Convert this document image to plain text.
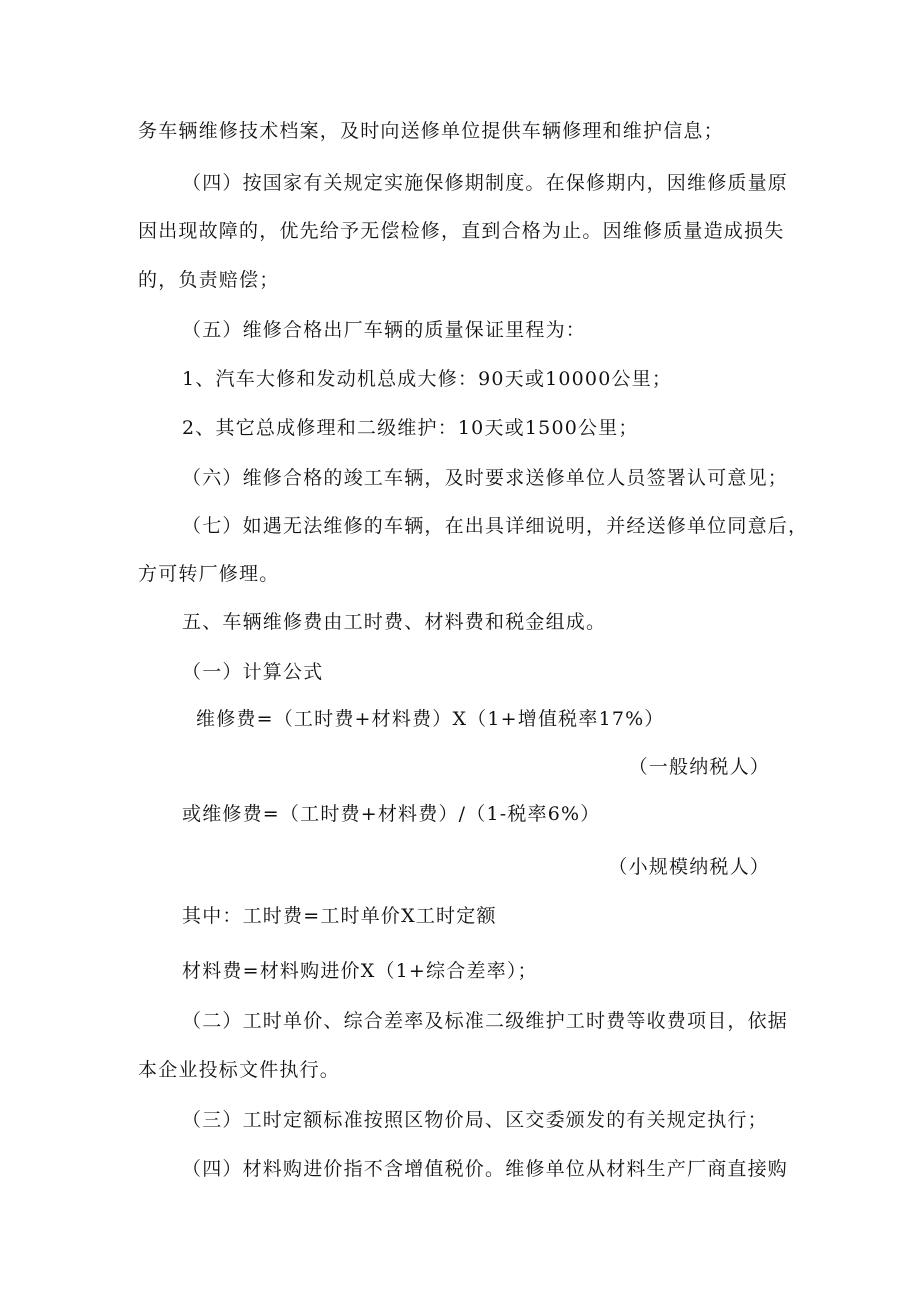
务车辆维修技术档案，及时向送修单位提供车辆修理和维护信息；
（四）按国家有关规定实施保修期制度。在保修期内，因维修质量原
因出现故障的，优先给予无偿检修，直到合格为止。因维修质量造成损失
的，负责赔偿；
（五）维修合格出厂车辆的质量保证里程为：
1、汽车大修和发动机总成大修：90天或10000公里；
2、其它总成修理和二级维护：10天或1500公里；
（六）维修合格的竣工车辆，及时要求送修单位人员签署认可意见；
（七）如遇无法维修的车辆，在出具详细说明，并经送修单位同意后，
方可转厂修理。
五、车辆维修费由工时费、材料费和税金组成。
（一）计算公式
维修费=（工时费+材料费）X（1+增值税率17%）
（一般纳税人）
或维修费=（工时费+材料费）/（1-税率6%）
（小规模纳税人）
其中：工时费=工时单价X工时定额
材料费=材料购进价X（1+综合差率）；
（二）工时单价、综合差率及标准二级维护工时费等收费项目，依据
本企业投标文件执行。
（三）工时定额标准按照区物价局、区交委颁发的有关规定执行；
（四）材料购进价指不含增值税价。维修单位从材料生产厂商直接购
